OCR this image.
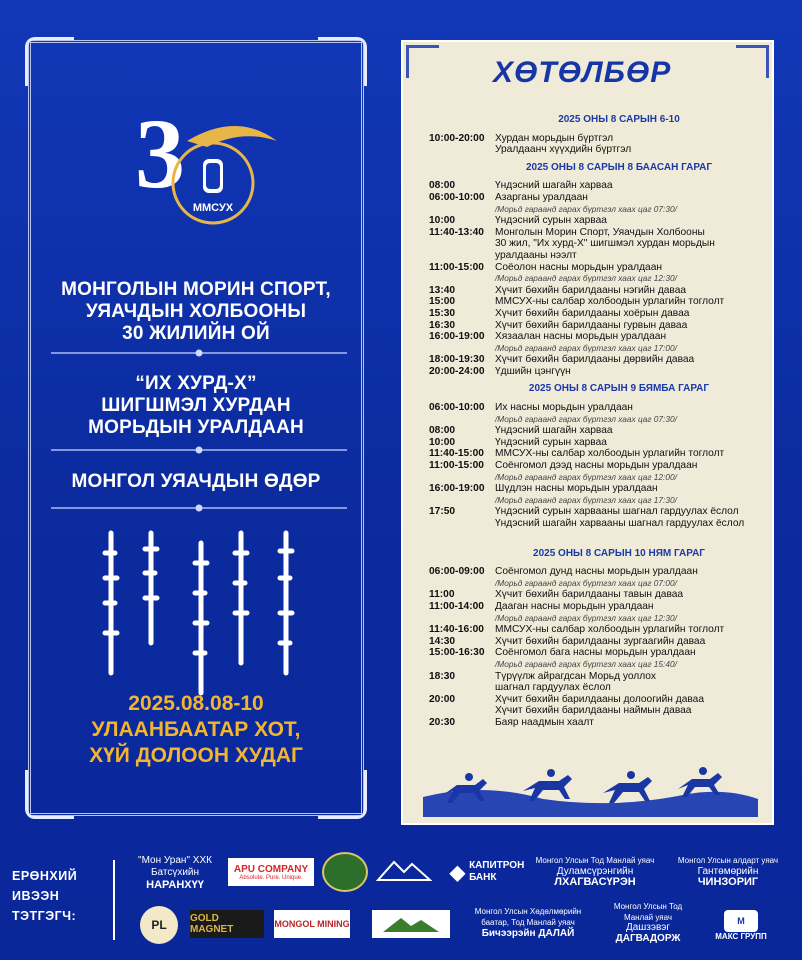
3 ММСУХ
МОНГОЛЫН МОРИН СПОРТ,
УЯАЧДЫН ХОЛБООНЫ
30 ЖИЛИЙН ОЙ
“ИХ ХУРД-Х”
ШИГШМЭЛ ХУРДАН
МОРЬДЫН УРАЛДААН
МОНГОЛ УЯАЧДЫН ӨДӨР
2025.08.08-10
УЛААНБААТАР ХОТ,
ХҮЙ ДОЛООН ХУДАГ
ХӨТӨЛБӨР
2025 ОНЫ 8 САРЫН 6-10
10:00-20:00	Хурдан морьдын бүртгэл
Уралдаанч хүүхдийн бүртгэл
2025 ОНЫ 8 САРЫН 8 БААСАН ГАРАГ
08:00	Үндэсний шагайн харваа
06:00-10:00	Азарганы уралдаан
/Морьд гараанд гарах бүртгэл хаах цаг 07:30/
10:00	Үндэсний сурын харваа
11:40-13:40	Монголын Морин Спорт, Уяачдын Холбооны
30 жил, "Их хурд-Х" шигшмэл хурдан морьдын
уралдааны нээлт
11:00-15:00	Соёолон насны морьдын уралдаан
/Морьд гараанд гарах бүртгэл хаах цаг 12:30/
13:40	Хүчит бөхийн барилдааны нэгийн даваа
15:00	ММСУХ-ны салбар холбоодын урлагийн тоглолт
15:30	Хүчит бөхийн барилдааны хоёрын даваа
16:30	Хүчит бөхийн барилдааны гурвын даваа
16:00-19:00	Хязаалан насны морьдын уралдаан
/Морьд гараанд гарах бүртгэл хаах цаг 17:00/
18:00-19:30	Хүчит бөхийн барилдааны дөрвийн даваа
20:00-24:00	Үдшийн цэнгүүн
2025 ОНЫ 8 САРЫН 9 БЯМБА ГАРАГ
06:00-10:00	Их насны морьдын уралдаан
/Морьд гараанд гарах бүртгэл хаах цаг 07:30/
08:00	Үндэсний шагайн харваа
10:00	Үндэсний сурын харваа
11:40-15:00	ММСУХ-ны салбар холбоодын урлагийн тоглолт
11:00-15:00	Соёнгомол дээд насны морьдын уралдаан
/Морьд гараанд гарах бүртгэл хаах цаг 12:00/
16:00-19:00	Шүдлэн насны морьдын уралдаан
/Морьд гараанд гарах бүртгэл хаах цаг 17:30/
17:50	Үндэсний сурын харвааны шагнал гардуулах ёслол
Үндэсний шагайн харвааны шагнал гардуулах ёслол
2025 ОНЫ 8 САРЫН 10 НЯМ ГАРАГ
06:00-09:00	Соёнгомол дунд насны морьдын уралдаан
/Морьд гараанд гарах бүртгэл хаах цаг 07:00/
11:00	Хүчит бөхийн барилдааны тавын даваа
11:00-14:00	Дааган насны морьдын уралдаан
/Морьд гараанд гарах бүртгэл хаах цаг 12:30/
11:40-16:00	ММСУХ-ны салбар холбоодын урлагийн тоглолт
14:30	Хүчит бөхийн барилдааны зургаагийн даваа
15:00-16:30	Соёнгомол бага насны морьдын уралдаан
/Морьд гараанд гарах бүртгэл хаах цаг 15:40/
18:30	Түрүүлж айрагдсан Морьд уоллох
шагнал гардуулах ёслол
20:00	Хүчит бөхийн барилдааны долоогийн даваа
Хүчит бөхийн барилдааны наймын даваа
20:30	Баяр наадмын хаалт
ЕРӨНХИЙ
ИВЭЭН
ТЭТГЭГЧ:
"Мон Уран" ХХК
Батсүхийн
НАРАНХҮҮ
APU COMPANY
Absolute. Pure. Unique.	◆ КАПИТРОН
БАНК
Монгол Улсын Тод Манлай уяач
Дуламсүрэнгийн
ЛХАГВАСҮРЭН
Монгол Улсын алдарт уяач
Гантөмөрийн
ЧИНЗОРИГ
PL	GOLD MAGNET	MONGOL MINING
Монгол Улсын Хөдөлмөрийн
баатар, Тод Манлай уяач
Бичээрэйн ДАЛАЙ
Монгол Улсын Тод
Манлай уяач
Дашзэвэг
ДАГВАДОРЖ
M
МАКС ГРУПП
